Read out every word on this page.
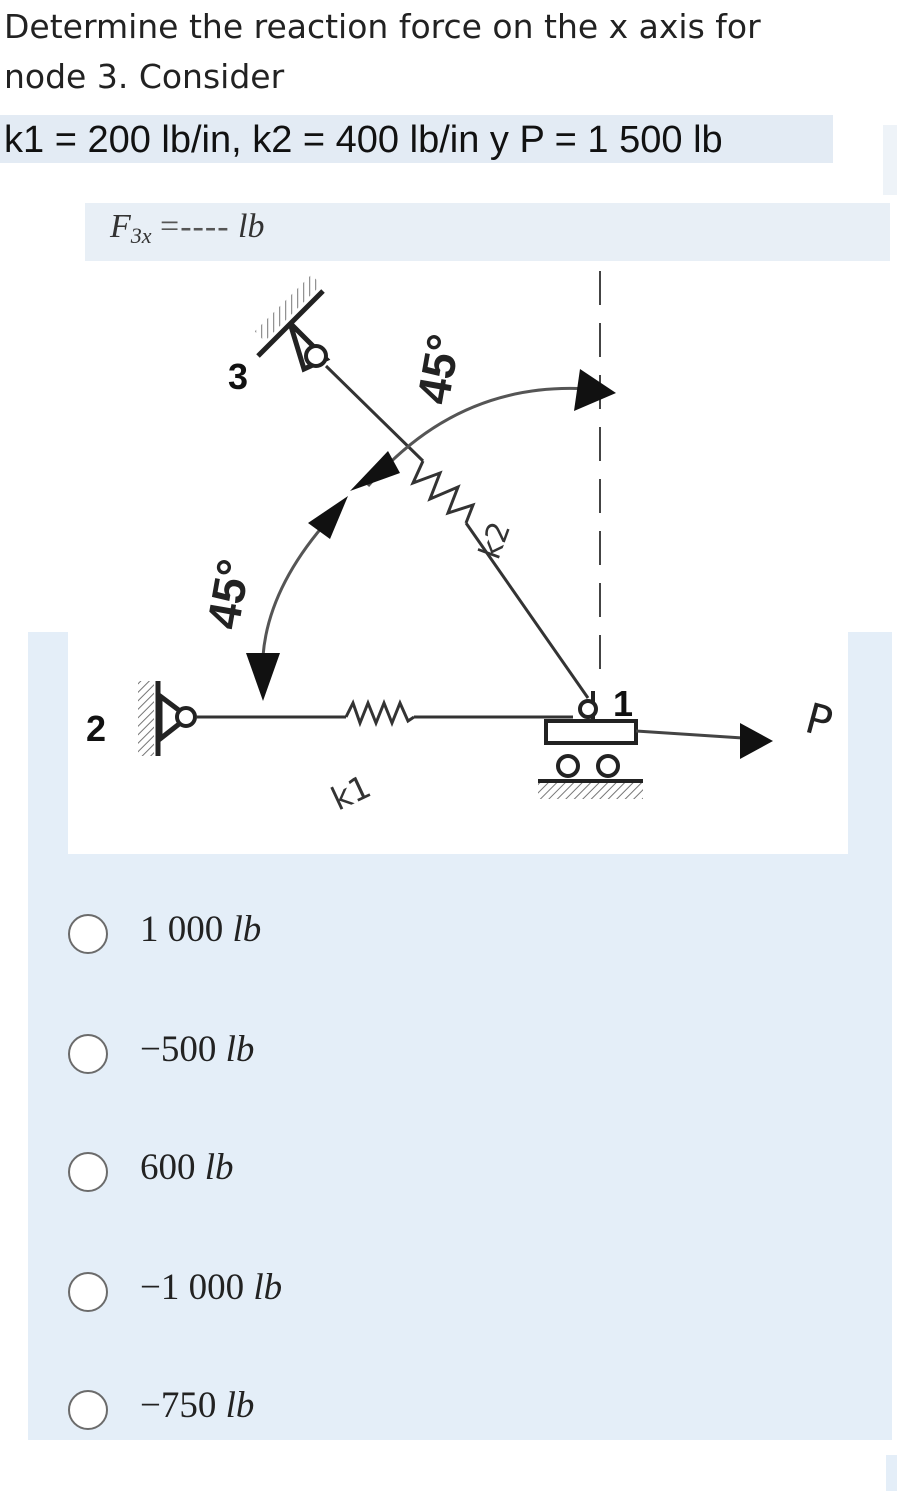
Determine the reaction force on the x axis for
node 3. Consider
k1 = 200 lb/in, k2 = 400 lb/in y P = 1 500 lb
F3x =---- lb
3
2
1
45°
45°
k2
k1
P
1 000 lb
−500 lb
600 lb
−1 000 lb
−750 lb
